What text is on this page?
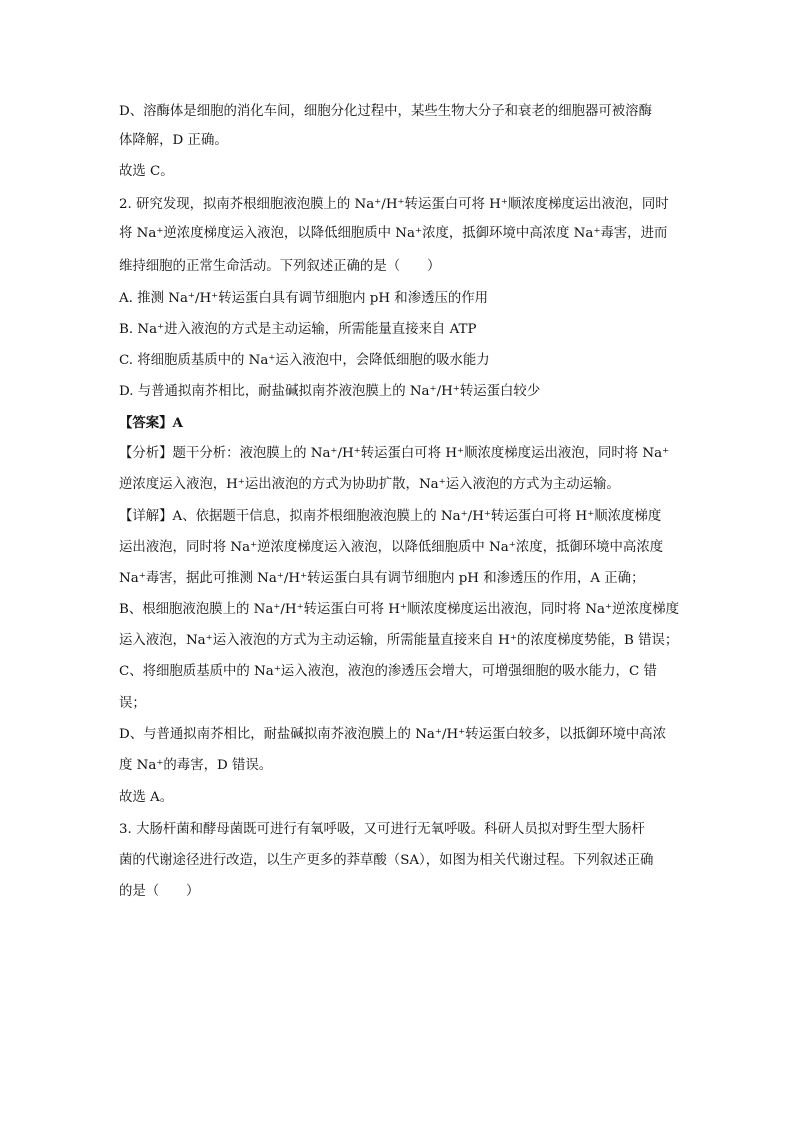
D、溶酶体是细胞的消化车间，细胞分化过程中，某些生物大分子和衰老的细胞器可被溶酶
体降解，D 正确。
故选 C。
2. 研究发现，拟南芥根细胞液泡膜上的 Na⁺/H⁺转运蛋白可将 H⁺顺浓度梯度运出液泡，同时
将 Na⁺逆浓度梯度运入液泡，以降低细胞质中 Na⁺浓度，抵御环境中高浓度 Na⁺毒害，进而
维持细胞的正常生命活动。下列叙述正确的是（　　）
A. 推测 Na⁺/H⁺转运蛋白具有调节细胞内 pH 和渗透压的作用
B. Na⁺进入液泡的方式是主动运输，所需能量直接来自 ATP
C. 将细胞质基质中的 Na⁺运入液泡中，会降低细胞的吸水能力
D. 与普通拟南芥相比，耐盐碱拟南芥液泡膜上的 Na⁺/H⁺转运蛋白较少
【答案】A
【分析】题干分析：液泡膜上的 Na⁺/H⁺转运蛋白可将 H⁺顺浓度梯度运出液泡，同时将 Na⁺
逆浓度运入液泡，H⁺运出液泡的方式为协助扩散，Na⁺运入液泡的方式为主动运输。
【详解】A、依据题干信息，拟南芥根细胞液泡膜上的 Na⁺/H⁺转运蛋白可将 H⁺顺浓度梯度
运出液泡，同时将 Na⁺逆浓度梯度运入液泡，以降低细胞质中 Na⁺浓度，抵御环境中高浓度
Na⁺毒害，据此可推测 Na⁺/H⁺转运蛋白具有调节细胞内 pH 和渗透压的作用，A 正确；
B、根细胞液泡膜上的 Na⁺/H⁺转运蛋白可将 H⁺顺浓度梯度运出液泡，同时将 Na⁺逆浓度梯度
运入液泡，Na⁺运入液泡的方式为主动运输，所需能量直接来自 H⁺的浓度梯度势能，B 错误；
C、将细胞质基质中的 Na⁺运入液泡，液泡的渗透压会增大，可增强细胞的吸水能力，C 错
误；
D、与普通拟南芥相比，耐盐碱拟南芥液泡膜上的 Na⁺/H⁺转运蛋白较多，以抵御环境中高浓
度 Na⁺的毒害，D 错误。
故选 A。
3. 大肠杆菌和酵母菌既可进行有氧呼吸，又可进行无氧呼吸。科研人员拟对野生型大肠杆
菌的代谢途径进行改造，以生产更多的莽草酸（SA），如图为相关代谢过程。下列叙述正确
的是（　　）
